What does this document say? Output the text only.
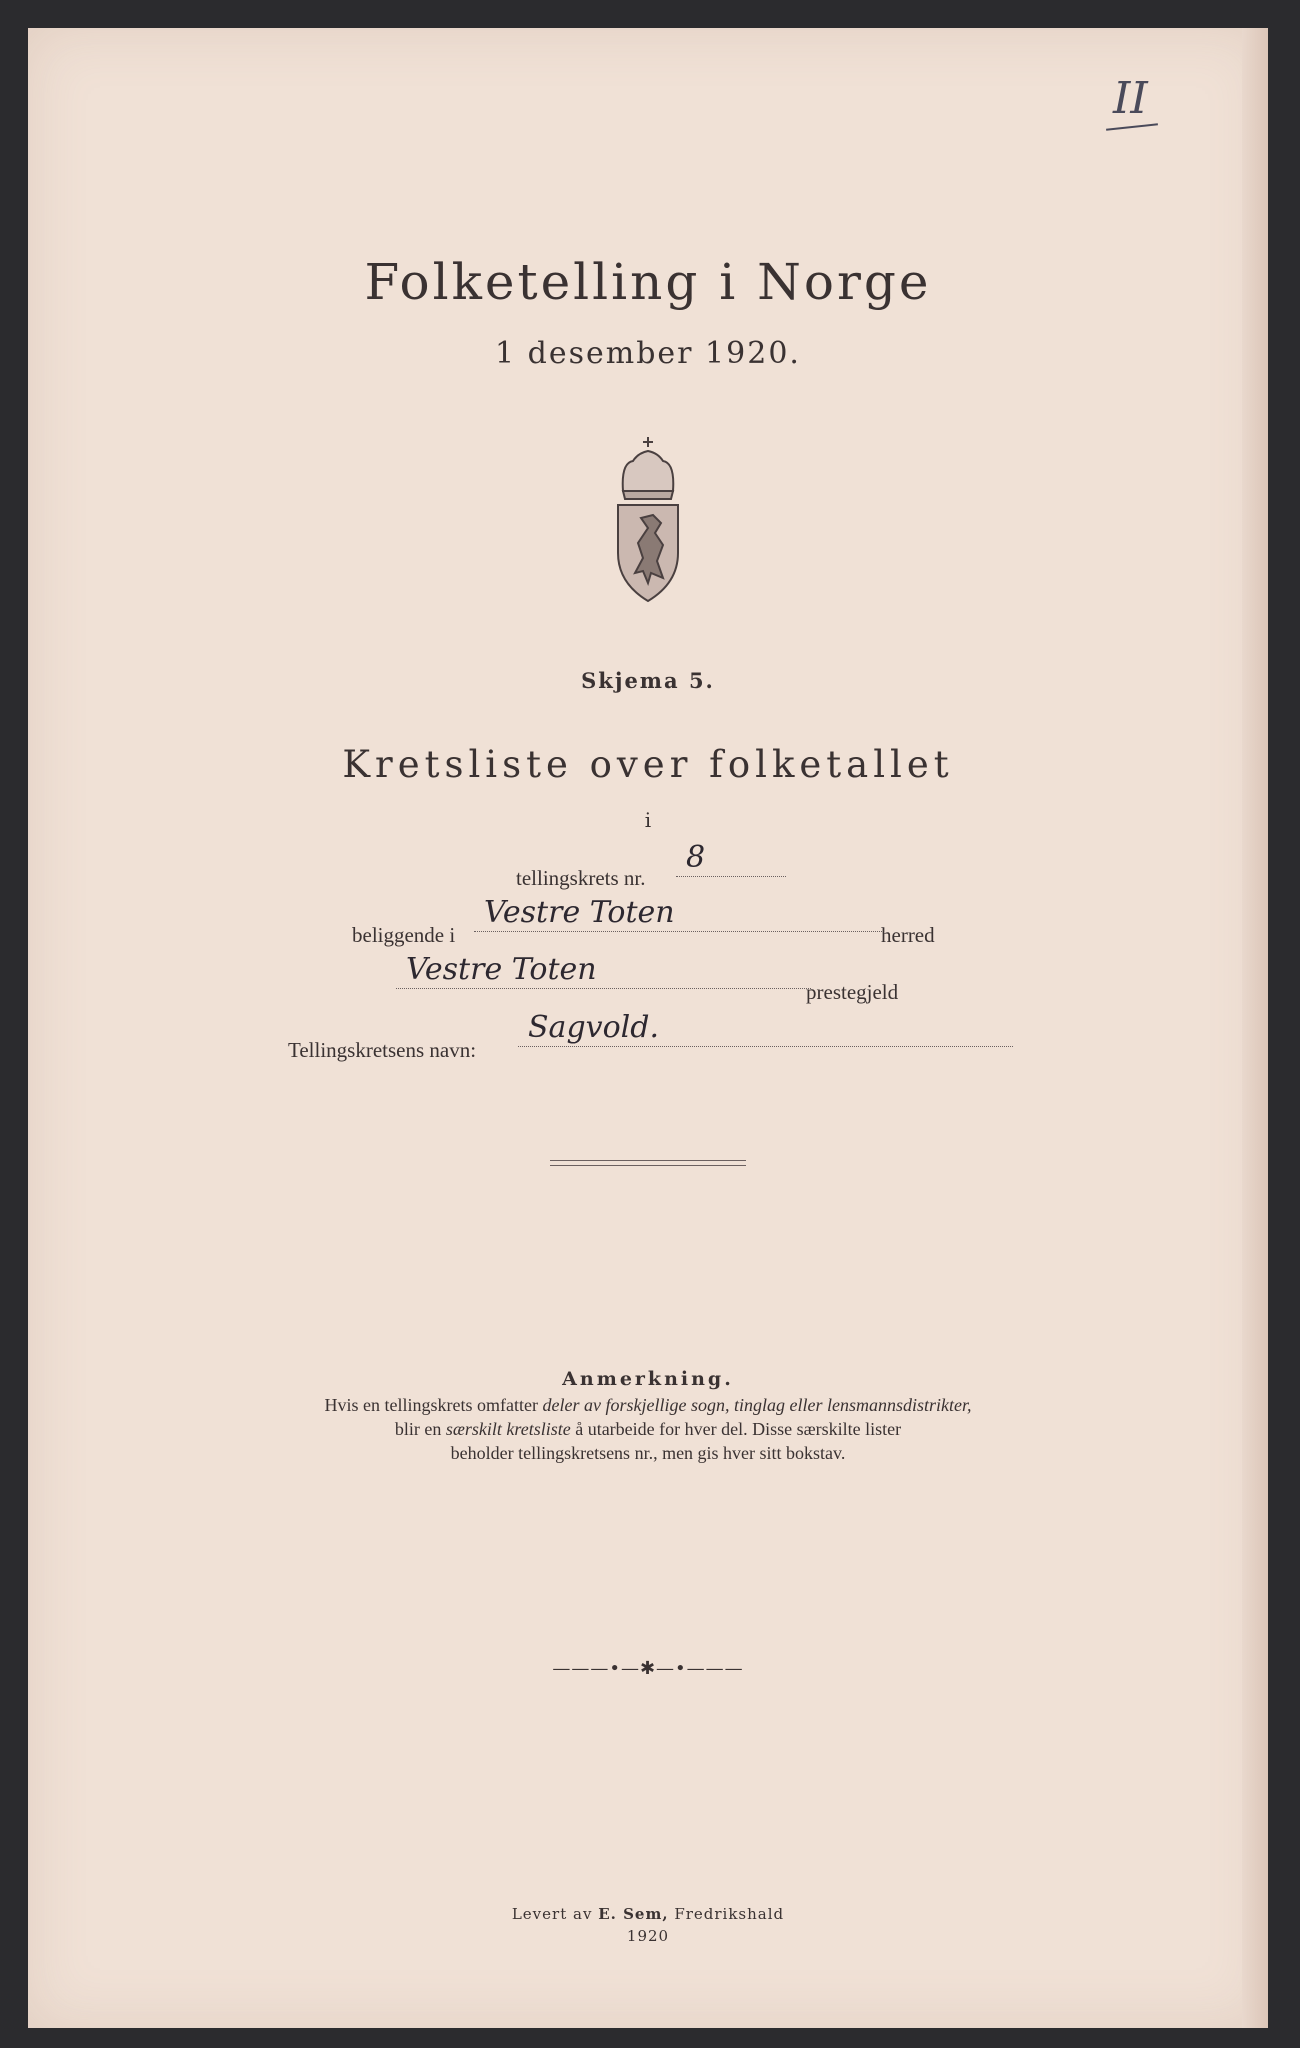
II
Folketelling i Norge
1 desember 1920.
Skjema 5.
Kretsliste over folketallet
i
tellingskrets nr.
8
beliggende i
Vestre Toten
herred
Vestre Toten
prestegjeld
Tellingskretsens navn:
Sagvold.
Anmerkning.
Hvis en tellingskrets omfatter deler av forskjellige sogn, tinglag eller lensmannsdistrikter,
blir en særskilt kretsliste å utarbeide for hver del. Disse særskilte lister
beholder tellingskretsens nr., men gis hver sitt bokstav.
———•—✱—•———
Levert av E. Sem, Fredrikshald
1920
